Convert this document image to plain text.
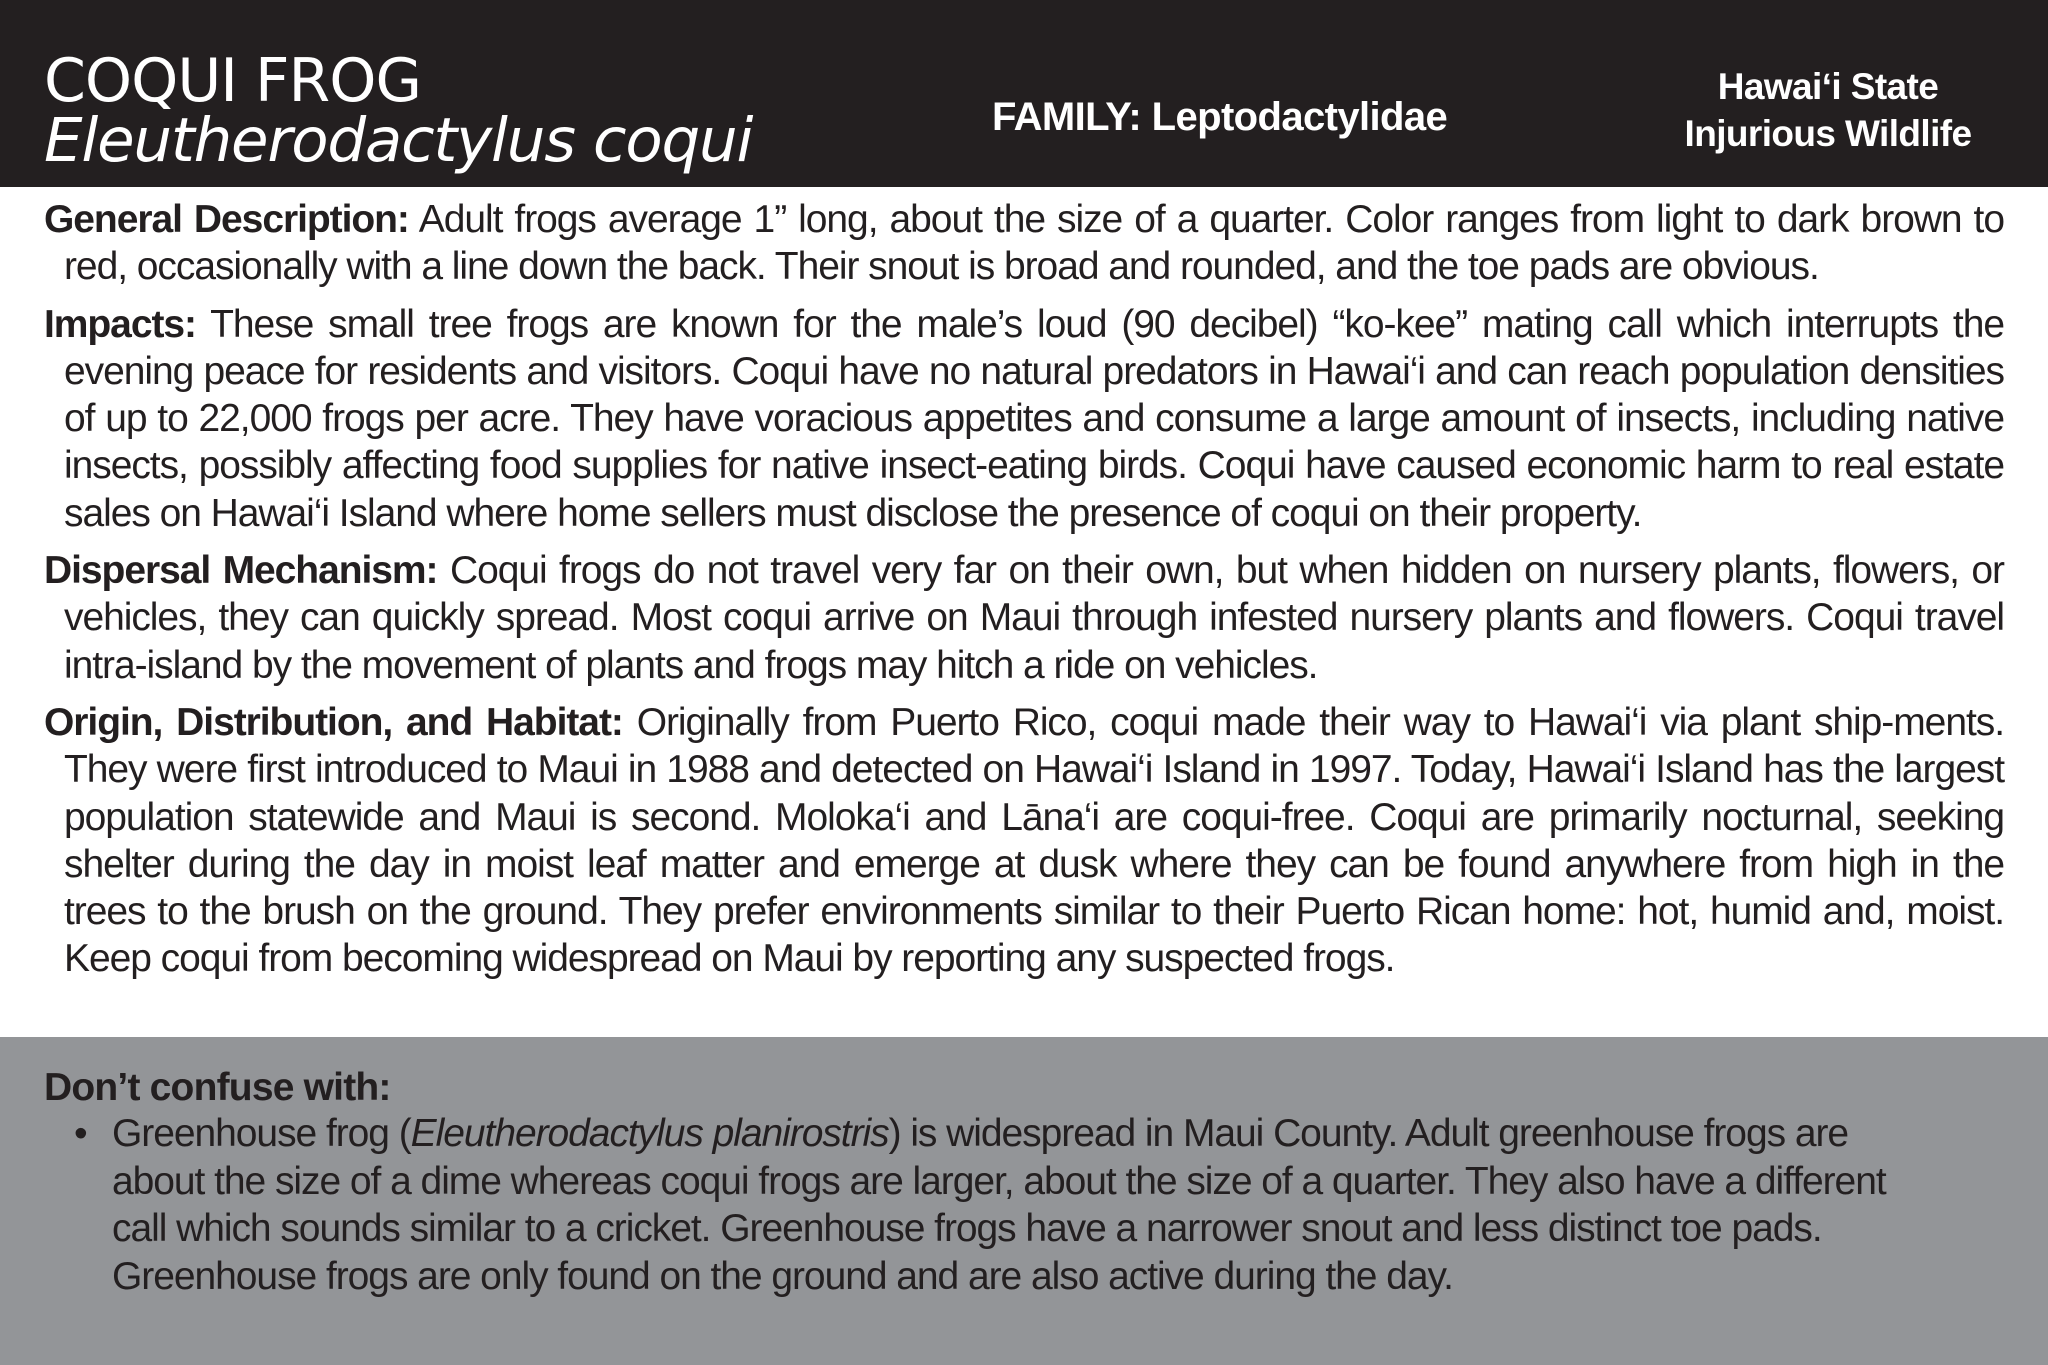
COQUI FROG
Eleutherodactylus coqui	FAMILY: Leptodactylidae
Hawai‘i State
Injurious Wildlife

General Description: Adult frogs average 1” long, about the size of a quarter. Color ranges from light to dark brown to red, occasionally with a line down the back. Their snout is broad and rounded, and the toe pads are obvious.

Impacts: These small tree frogs are known for the male’s loud (90 decibel) “ko-kee” mating call which interrupts the evening peace for residents and visitors. Coqui have no natural predators in Hawai‘i and can reach population densities of up to 22,000 frogs per acre. They have voracious appetites and consume a large amount of insects, including native insects, possibly affecting food supplies for native insect-eating birds. Coqui have caused economic harm to real estate sales on Hawai‘i Island where home sellers must disclose the presence of coqui on their property.

Dispersal Mechanism: Coqui frogs do not travel very far on their own, but when hidden on nursery plants, flowers, or vehicles, they can quickly spread. Most coqui arrive on Maui through infested nursery plants and flowers. Coqui travel intra-island by the movement of plants and frogs may hitch a ride on vehicles.

Origin, Distribution, and Habitat: Originally from Puerto Rico, coqui made their way to Hawai‘i via plant ship-ments. They were first introduced to Maui in 1988 and detected on Hawai‘i Island in 1997. Today, Hawai‘i Island has the largest population statewide and Maui is second. Moloka‘i and Lāna‘i are coqui-free. Coqui are primarily nocturnal, seeking shelter during the day in moist leaf matter and emerge at dusk where they can be found anywhere from high in the trees to the brush on the ground. They prefer environments similar to their Puerto Rican home: hot, humid and, moist. Keep coqui from becoming widespread on Maui by reporting any suspected frogs.

Don’t confuse with:
• Greenhouse frog (Eleutherodactylus planirostris) is widespread in Maui County. Adult greenhouse frogs are about the size of a dime whereas coqui frogs are larger, about the size of a quarter. They also have a different call which sounds similar to a cricket. Greenhouse frogs have a narrower snout and less distinct toe pads. Greenhouse frogs are only found on the ground and are also active during the day.
